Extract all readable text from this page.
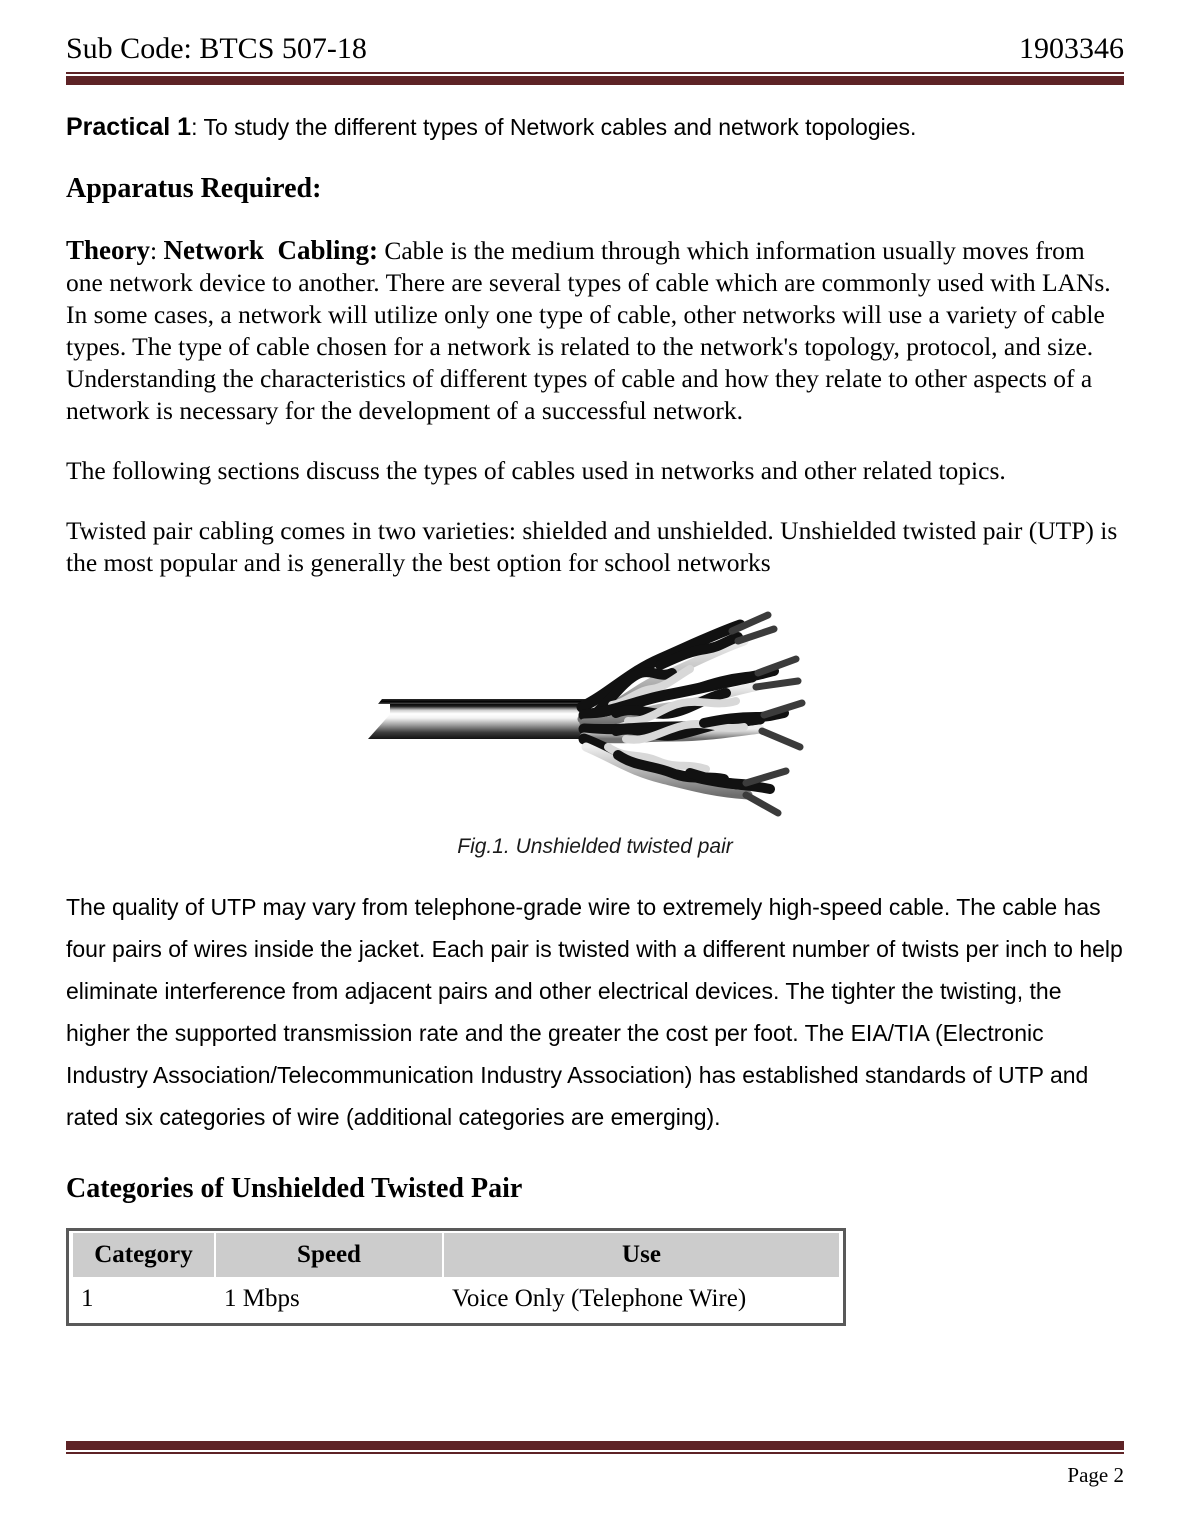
Sub Code: BTCS 507-18	1903346

Practical 1: To study the different types of Network cables and network topologies.

Apparatus Required:

Theory: Network  Cabling: Cable is the medium through which information usually moves from one network device to another. There are several types of cable which are commonly used with LANs. In some cases, a network will utilize only one type of cable, other networks will use a variety of cable types. The type of cable chosen for a network is related to the network's topology, protocol, and size. Understanding the characteristics of different types of cable and how they relate to other aspects of a network is necessary for the development of a successful network.

The following sections discuss the types of cables used in networks and other related topics.

Twisted pair cabling comes in two varieties: shielded and unshielded. Unshielded twisted pair (UTP) is the most popular and is generally the best option for school networks

Fig.1. Unshielded twisted pair

The quality of UTP may vary from telephone-grade wire to extremely high-speed cable. The cable has four pairs of wires inside the jacket. Each pair is twisted with a different number of twists per inch to help eliminate interference from adjacent pairs and other electrical devices. The tighter the twisting, the higher the supported transmission rate and the greater the cost per foot. The EIA/TIA (Electronic Industry Association/Telecommunication Industry Association) has established standards of UTP and rated six categories of wire (additional categories are emerging).

Categories of Unshielded Twisted Pair

Category	Speed	Use
1	1 Mbps	Voice Only (Telephone Wire)
Page 2
